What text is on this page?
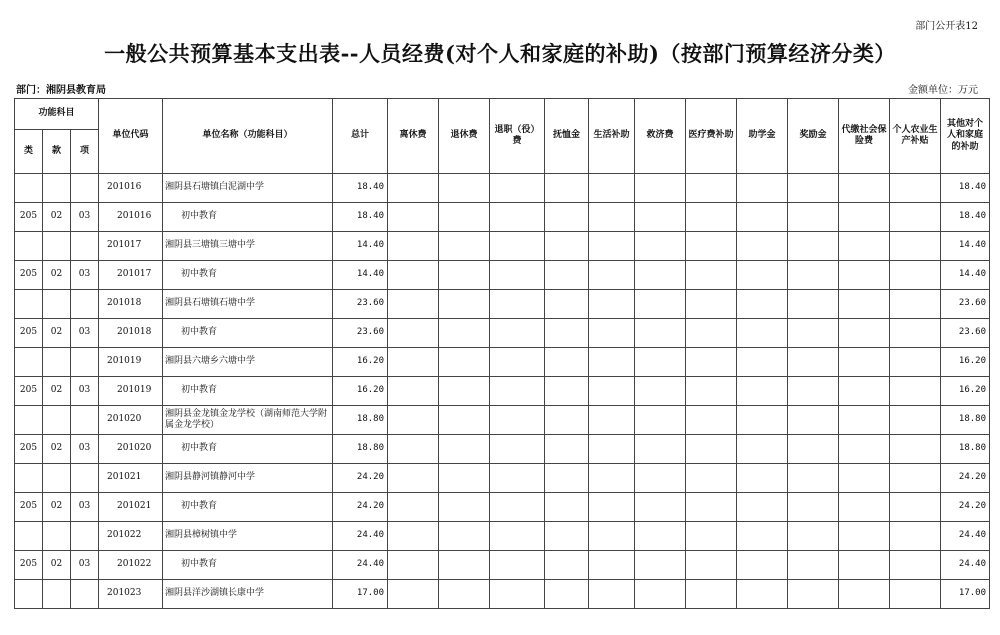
部门公开表12
一般公共预算基本支出表--人员经费(对个人和家庭的补助)（按部门预算经济分类）
部门：湘阴县教育局	金额单位：万元
功能科目			单位代码	单位名称（功能科目）	总计	离休费	退休费	退职（役）费	抚恤金	生活补助	救济费	医疗费补助	助学金	奖励金	代缴社会保险费	个人农业生产补贴	其他对个人和家庭的补助
类	款	项															
			201016	湘阴县石塘镇白泥湖中学	18.40												18.40
205	02	03	201016	初中教育	18.40												18.40
			201017	湘阴县三塘镇三塘中学	14.40												14.40
205	02	03	201017	初中教育	14.40												14.40
			201018	湘阴县石塘镇石塘中学	23.60												23.60
205	02	03	201018	初中教育	23.60												23.60
			201019	湘阴县六塘乡六塘中学	16.20												16.20
205	02	03	201019	初中教育	16.20												16.20
			201020	湘阴县金龙镇金龙学校（湖南师范大学附属金龙学校）	18.80												18.80
205	02	03	201020	初中教育	18.80												18.80
			201021	湘阴县静河镇静河中学	24.20												24.20
205	02	03	201021	初中教育	24.20												24.20
			201022	湘阴县樟树镇中学	24.40												24.40
205	02	03	201022	初中教育	24.40												24.40
			201023	湘阴县洋沙湖镇长康中学	17.00												17.00
